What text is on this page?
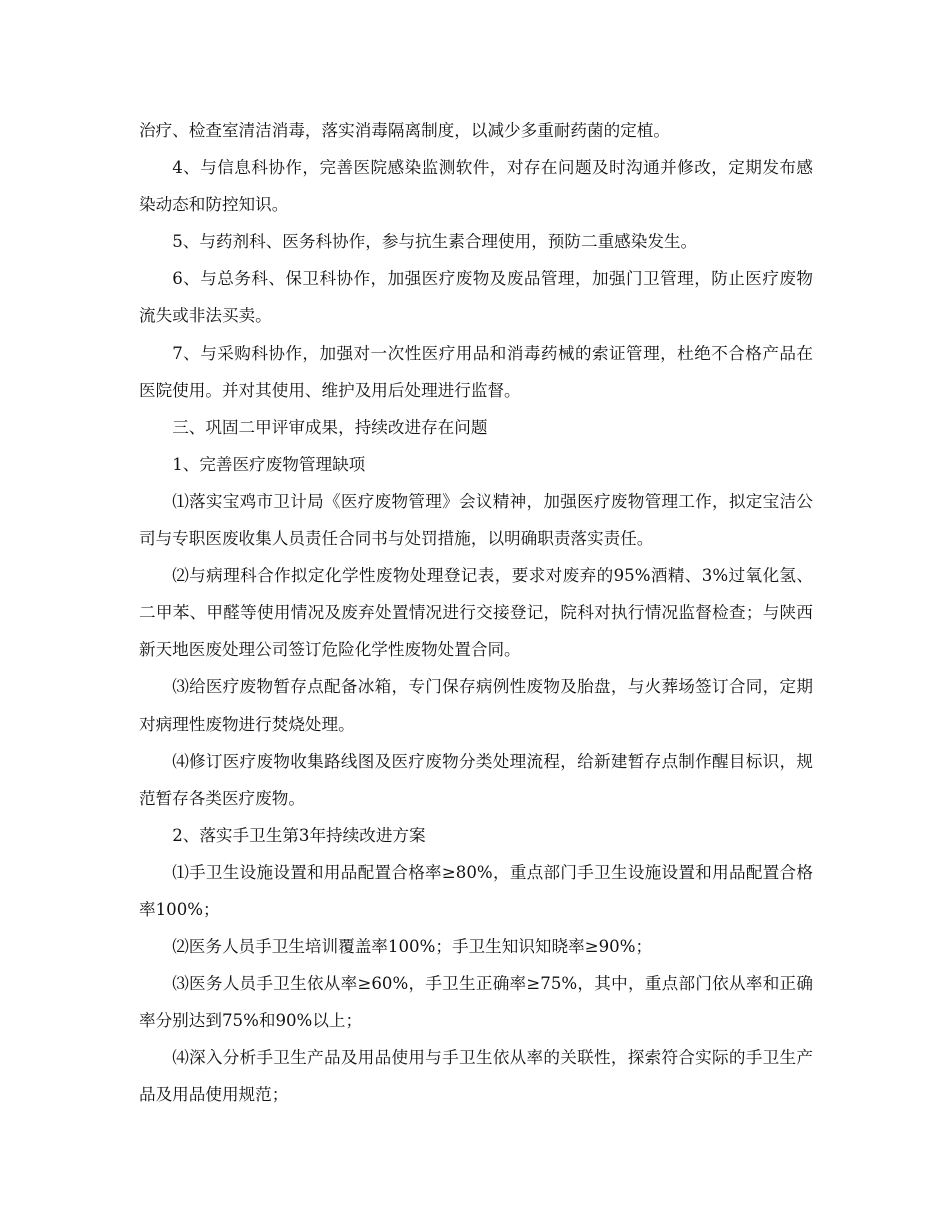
治疗、检查室清洁消毒，落实消毒隔离制度，以减少多重耐药菌的定植。

4、与信息科协作，完善医院感染监测软件，对存在问题及时沟通并修改，定期发布感染动态和防控知识。

5、与药剂科、医务科协作，参与抗生素合理使用，预防二重感染发生。

6、与总务科、保卫科协作，加强医疗废物及废品管理，加强门卫管理，防止医疗废物流失或非法买卖。

7、与采购科协作，加强对一次性医疗用品和消毒药械的索证管理，杜绝不合格产品在医院使用。并对其使用、维护及用后处理进行监督。

三、巩固二甲评审成果，持续改进存在问题

1、完善医疗废物管理缺项

⑴落实宝鸡市卫计局《医疗废物管理》会议精神，加强医疗废物管理工作，拟定宝洁公司与专职医废收集人员责任合同书与处罚措施，以明确职责落实责任。

⑵与病理科合作拟定化学性废物处理登记表，要求对废弃的95%酒精、3%过氧化氢、二甲苯、甲醛等使用情况及废弃处置情况进行交接登记，院科对执行情况监督检查；与陕西新天地医废处理公司签订危险化学性废物处置合同。

⑶给医疗废物暂存点配备冰箱，专门保存病例性废物及胎盘，与火葬场签订合同，定期对病理性废物进行焚烧处理。

⑷修订医疗废物收集路线图及医疗废物分类处理流程，给新建暂存点制作醒目标识，规范暂存各类医疗废物。

2、落实手卫生第3年持续改进方案

⑴手卫生设施设置和用品配置合格率≥80%，重点部门手卫生设施设置和用品配置合格率100%；

⑵医务人员手卫生培训覆盖率100%；手卫生知识知晓率≥90%；

⑶医务人员手卫生依从率≥60%，手卫生正确率≥75%，其中，重点部门依从率和正确率分别达到75%和90%以上；

⑷深入分析手卫生产品及用品使用与手卫生依从率的关联性，探索符合实际的手卫生产品及用品使用规范；
